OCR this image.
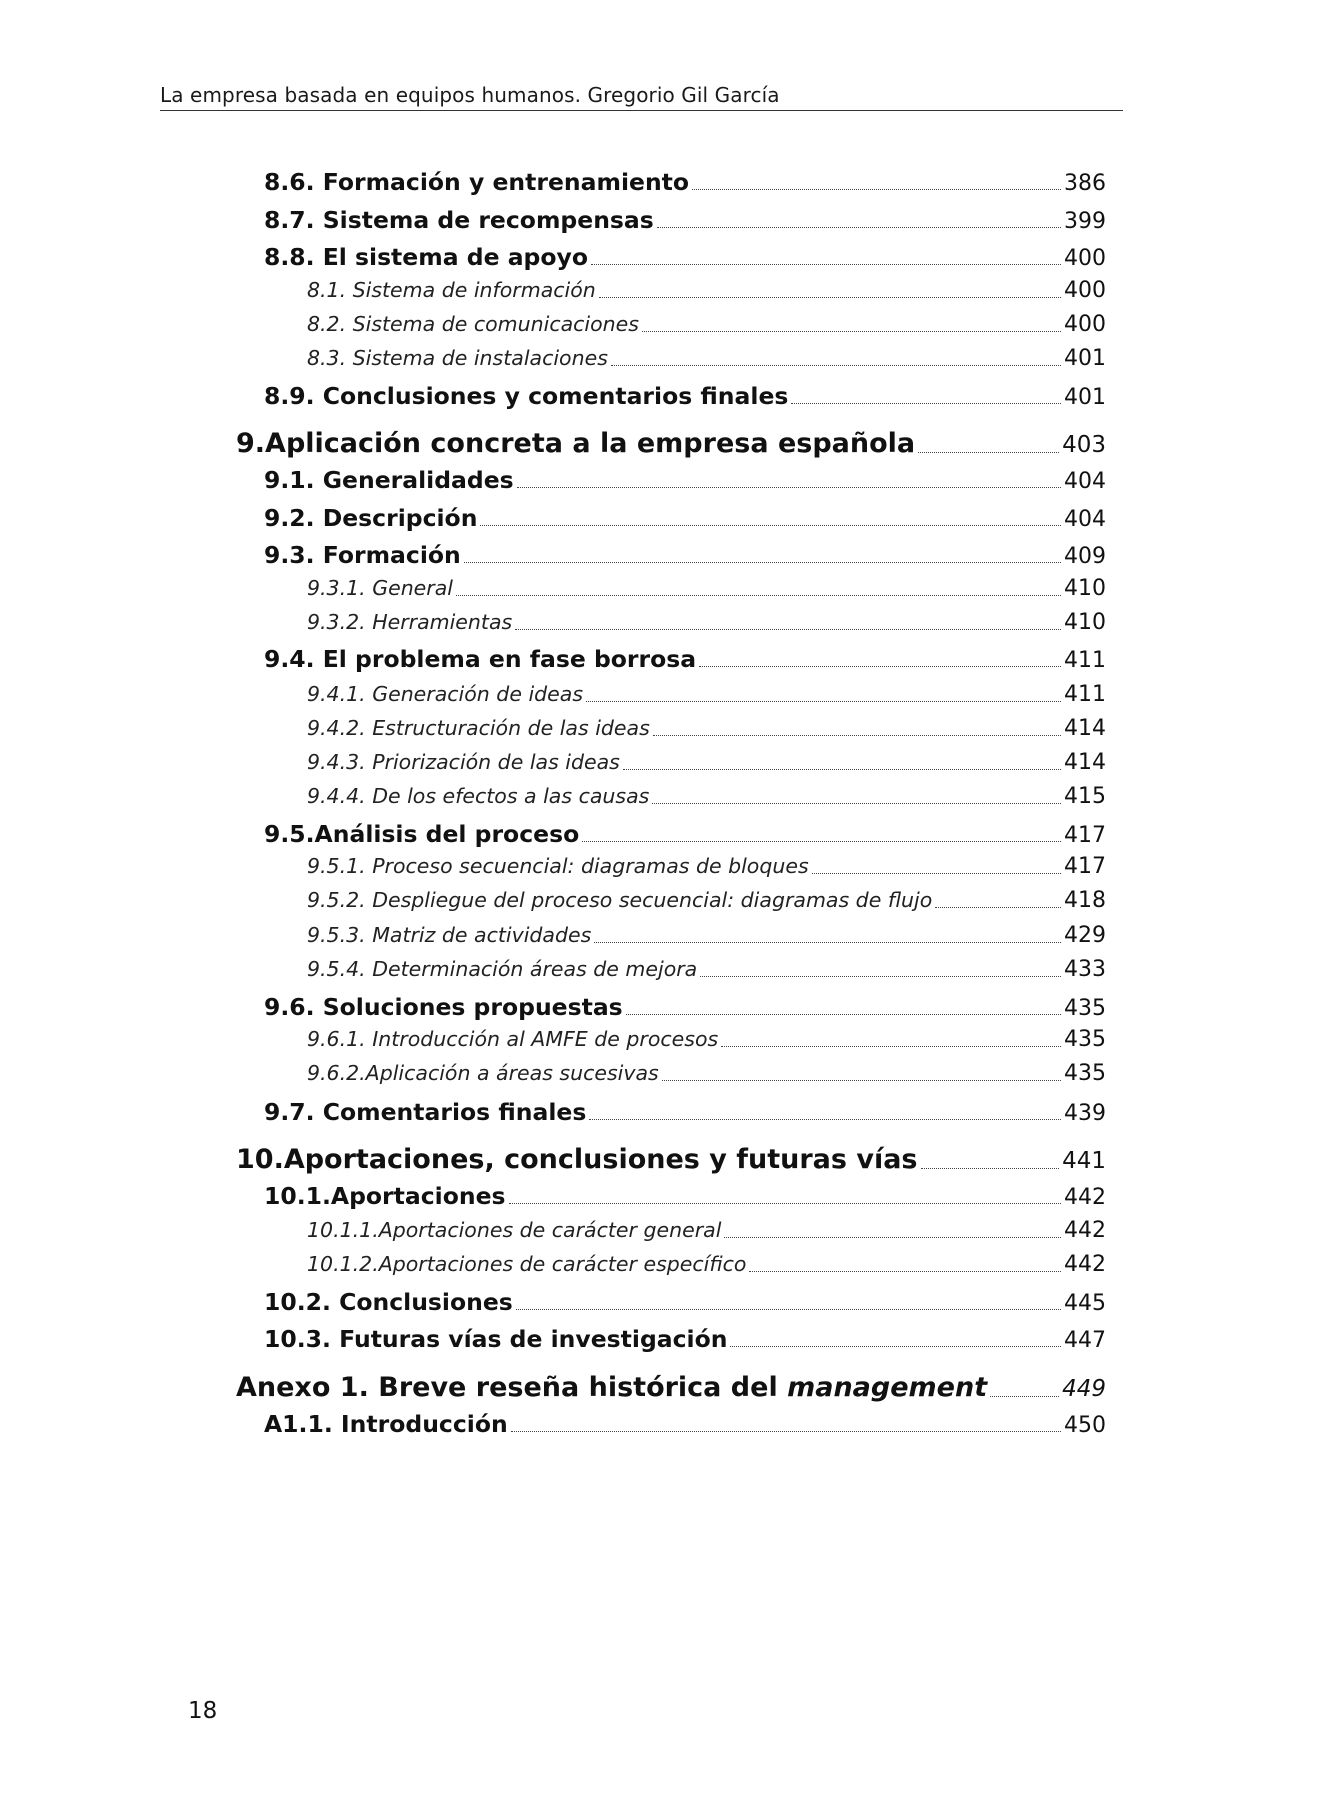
La empresa basada en equipos humanos. Gregorio Gil García
8.6. Formación y entrenamiento	386
8.7. Sistema de recompensas	399
8.8. El sistema de apoyo	400
8.1. Sistema de información	400
8.2. Sistema de comunicaciones	400
8.3. Sistema de instalaciones	401
8.9. Conclusiones y comentarios finales	401
9.Aplicación concreta a la empresa española	403
9.1. Generalidades	404
9.2. Descripción	404
9.3. Formación	409
9.3.1. General	410
9.3.2. Herramientas	410
9.4. El problema en fase borrosa	411
9.4.1. Generación de ideas	411
9.4.2. Estructuración de las ideas	414
9.4.3. Priorización de las ideas	414
9.4.4. De los efectos a las causas	415
9.5.Análisis del proceso	417
9.5.1. Proceso secuencial: diagramas de bloques	417
9.5.2. Despliegue del proceso secuencial: diagramas de flujo	418
9.5.3. Matriz de actividades	429
9.5.4. Determinación áreas de mejora	433
9.6. Soluciones propuestas	435
9.6.1. Introducción al AMFE de procesos	435
9.6.2.Aplicación a áreas sucesivas	435
9.7. Comentarios finales	439
10.Aportaciones, conclusiones y futuras vías	441
10.1.Aportaciones	442
10.1.1.Aportaciones de carácter general	442
10.1.2.Aportaciones de carácter específico	442
10.2. Conclusiones	445
10.3. Futuras vías de investigación	447
Anexo 1. Breve reseña histórica del management	449
A1.1. Introducción	450
18
